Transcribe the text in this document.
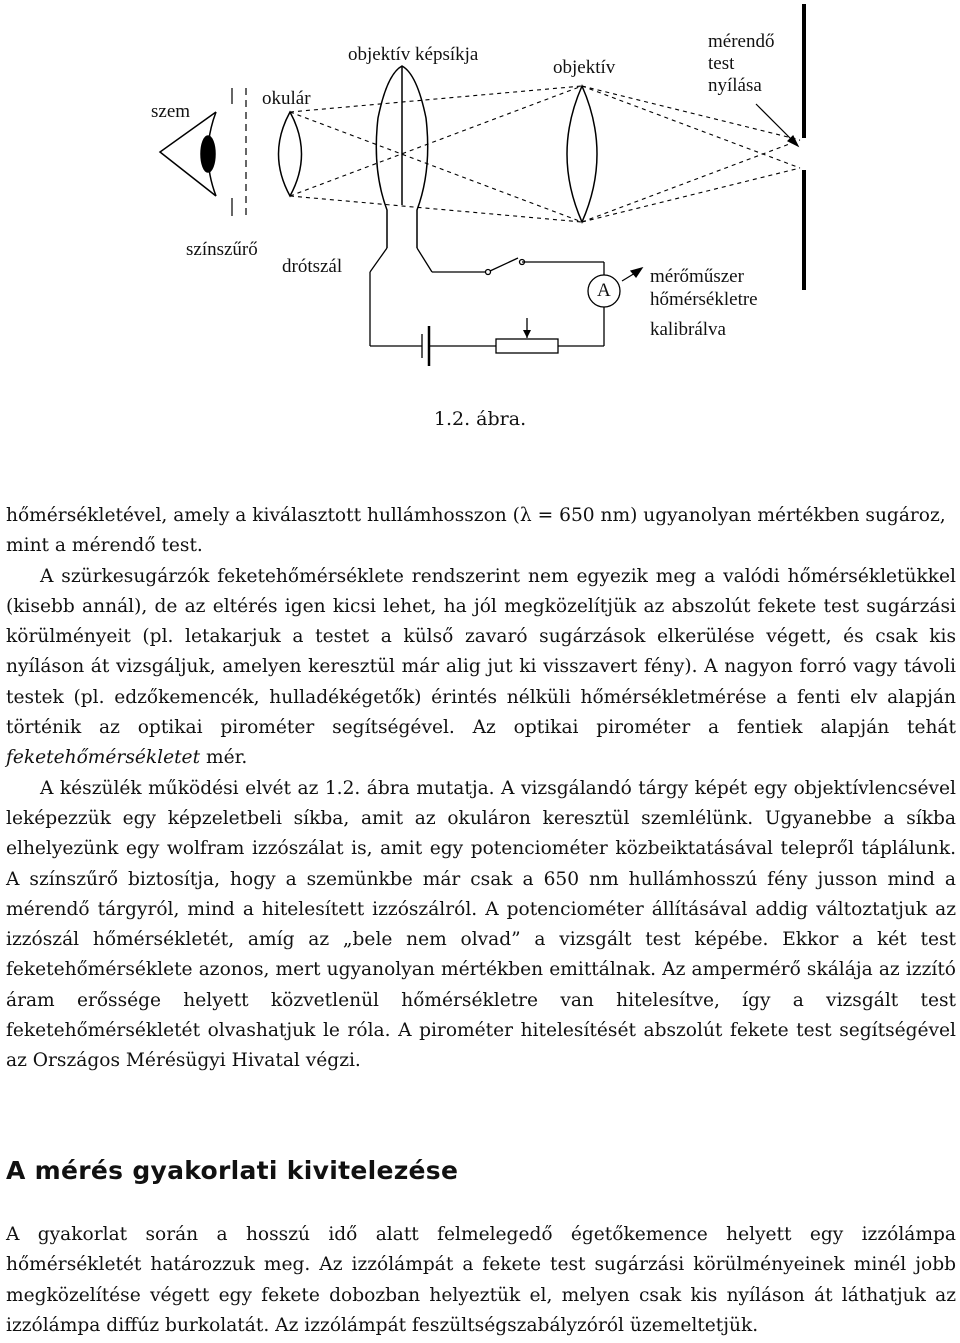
szem
okulár
objektív képsíkja
objektív
mérendő
test
nyílása
színszűrő
drótszál
A
mérőműszer
hőmérsékletre
kalibrálva
1.2. ábra.

hőmérsékletével, amely a kiválasztott hullámhosszon (λ = 650 nm) ugyanolyan mértékben sugároz, mint a mérendő test.

A szürkesugárzók feketehőmérséklete rendszerint nem egyezik meg a valódi hőmérsékletükkel (kisebb annál), de az eltérés igen kicsi lehet, ha jól megközelítjük az abszolút fekete test sugárzási körülményeit (pl. letakarjuk a testet a külső zavaró sugárzások elkerülése végett, és csak kis nyíláson át vizsgáljuk, amelyen keresztül már alig jut ki visszavert fény). A nagyon forró vagy távoli testek (pl. edzőkemencék, hulladékégetők) érintés nélküli hőmérsékletmérése a fenti elv alapján történik az optikai pirométer segítségével. Az optikai pirométer a fentiek alapján tehát feketehőmérsékletet mér.

A készülék működési elvét az 1.2. ábra mutatja. A vizsgálandó tárgy képét egy objektívlencsével leképezzük egy képzeletbeli síkba, amit az okuláron keresztül szemlélünk. Ugyanebbe a síkba elhelyezünk egy wolfram izzószálat is, amit egy potenciométer közbeiktatásával telepről táplálunk. A színszűrő biztosítja, hogy a szemünkbe már csak a 650 nm hullámhosszú fény jusson mind a mérendő tárgyról, mind a hitelesített izzószálról. A potenciométer állításával addig változtatjuk az izzószál hőmérsékletét, amíg az „bele nem olvad” a vizsgált test képébe. Ekkor a két test feketehőmérséklete azonos, mert ugyanolyan mértékben emittálnak. Az ampermérő skálája az izzító áram erőssége helyett közvetlenül hőmérsékletre van hitelesítve, így a vizsgált test feketehőmérsékletét olvashatjuk le róla. A pirométer hitelesítését abszolút fekete test segítségével az Országos Mérésügyi Hivatal végzi.

A mérés gyakorlati kivitelezése

A gyakorlat során a hosszú idő alatt felmelegedő égetőkemence helyett egy izzólámpa hőmérsékletét határozzuk meg. Az izzólámpát a fekete test sugárzási körülményeinek minél jobb megközelítése végett egy fekete dobozban helyeztük el, melyen csak kis nyíláson át láthatjuk az izzólámpa diffúz burkolatát. Az izzólámpát feszültségszabályzóról üzemeltetjük.
